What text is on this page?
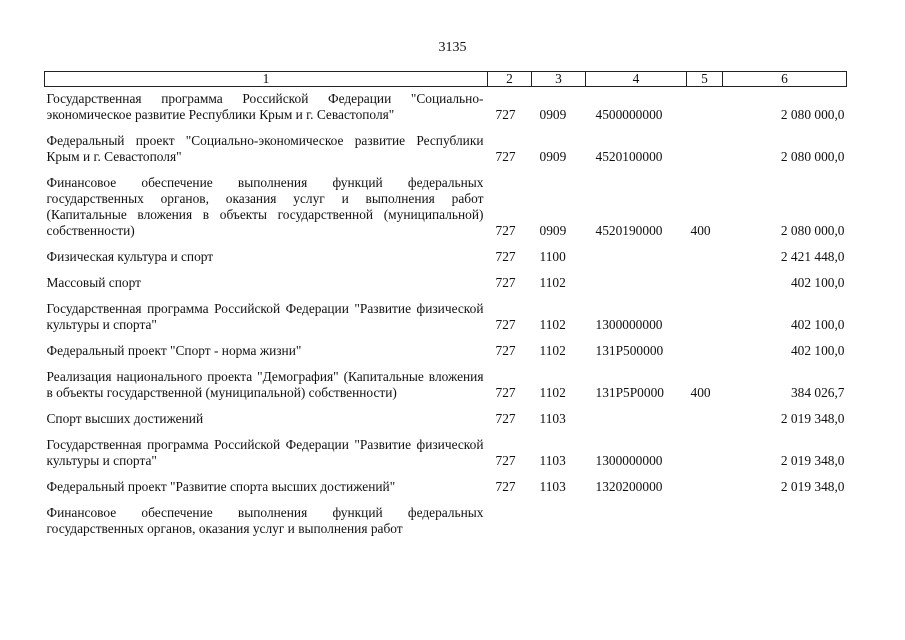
3135
1	2	3	4	5	6
Государственная программа Российской Федерации "Социально-экономическое развитие Республики Крым и г. Севастополя"	727	0909	4500000000		2 080 000,0
Федеральный проект "Социально-экономическое развитие Республики Крым и г. Севастополя"	727	0909	4520100000		2 080 000,0
Финансовое обеспечение выполнения функций федеральных государственных органов, оказания услуг и выполнения работ (Капитальные вложения в объекты государственной (муниципальной) собственности)	727	0909	4520190000	400	2 080 000,0
Физическая культура и спорт	727	1100			2 421 448,0
Массовый спорт	727	1102			402 100,0
Государственная программа Российской Федерации "Развитие физической культуры и спорта"	727	1102	1300000000		402 100,0
Федеральный проект "Спорт - норма жизни"	727	1102	131P500000		402 100,0
Реализация национального проекта "Демография" (Капитальные вложения в объекты государственной (муниципальной) собственности)	727	1102	131P5P0000	400	384 026,7
Спорт высших достижений	727	1103			2 019 348,0
Государственная программа Российской Федерации "Развитие физической культуры и спорта"	727	1103	1300000000		2 019 348,0
Федеральный проект "Развитие спорта высших достижений"	727	1103	1320200000		2 019 348,0
Финансовое обеспечение выполнения функций федеральных государственных органов, оказания услуг и выполнения работ					
